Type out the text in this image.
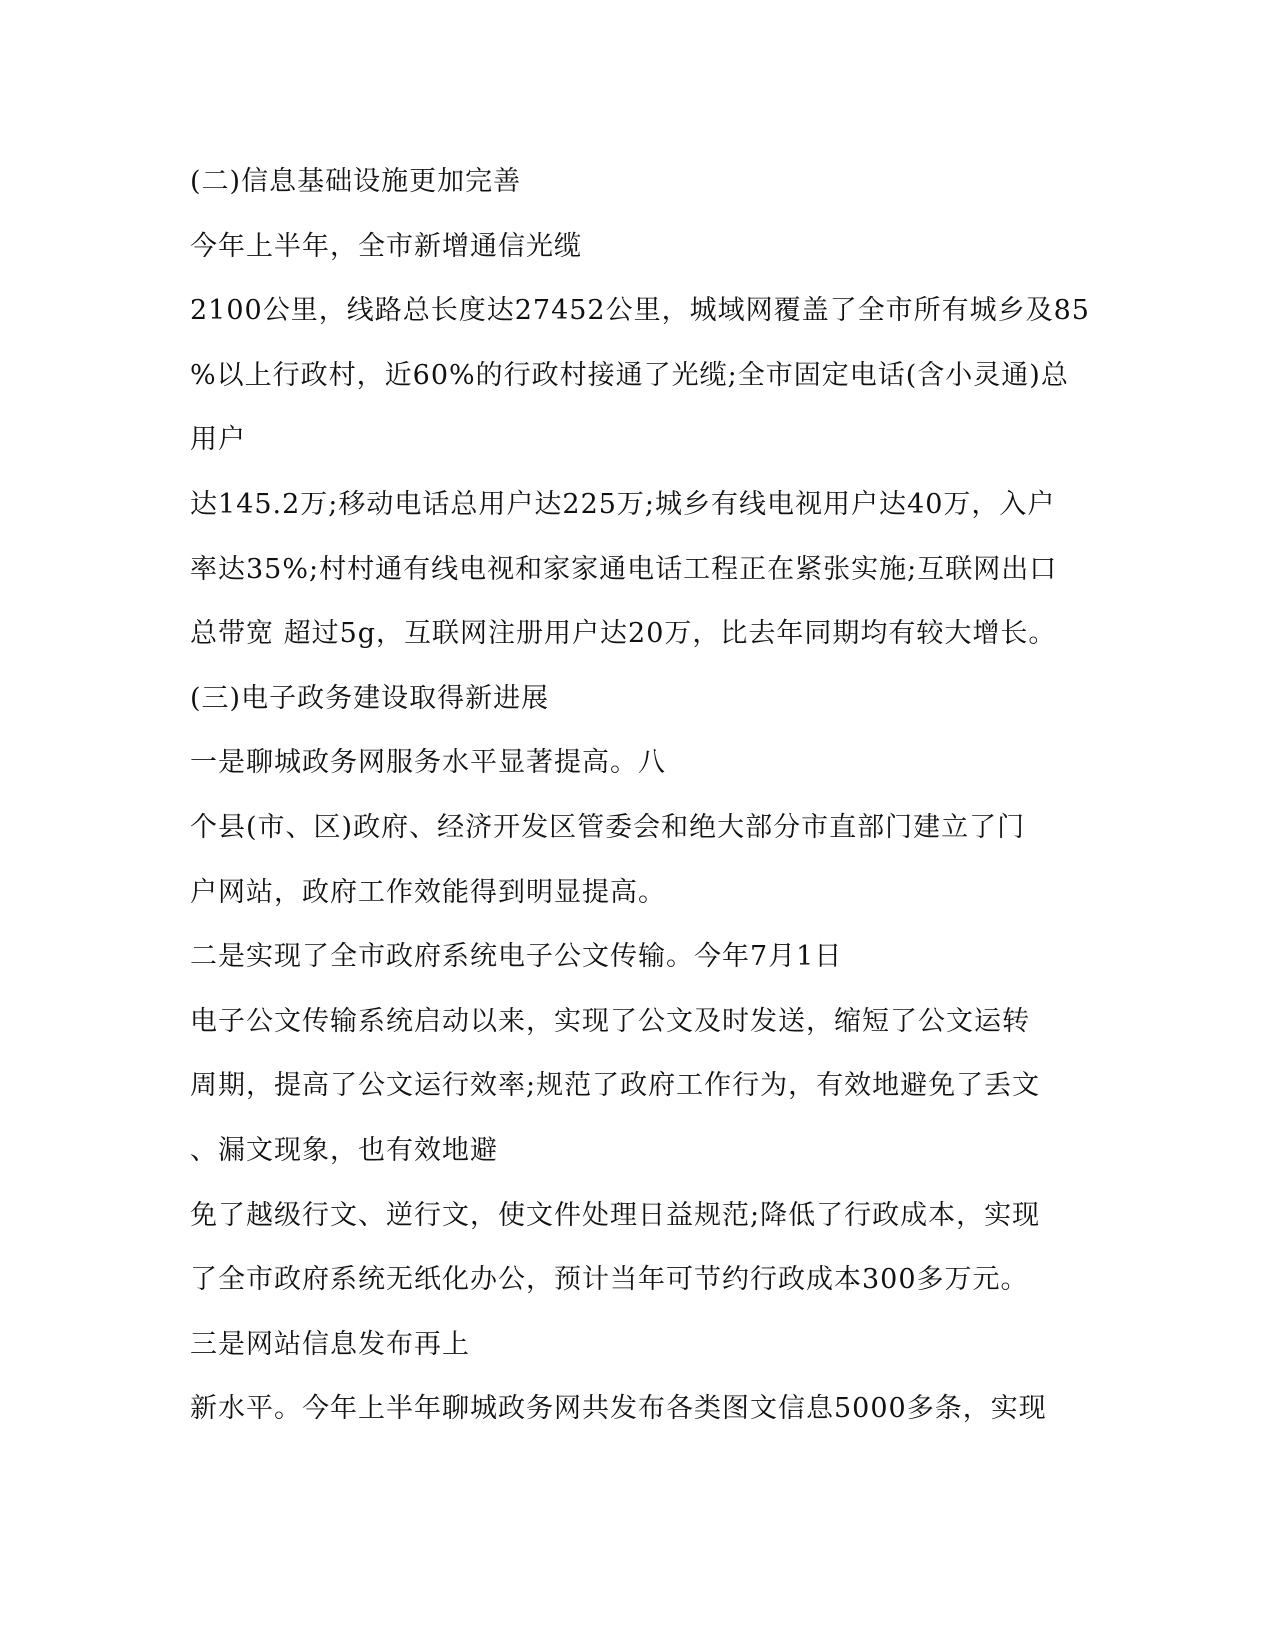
(二)信息基础设施更加完善
今年上半年，全市新增通信光缆
2100公里，线路总长度达27452公里，城域网覆盖了全市所有城乡及85
%以上行政村，近60%的行政村接通了光缆;全市固定电话(含小灵通)总
用户
达145.2万;移动电话总用户达225万;城乡有线电视用户达40万，入户
率达35%;村村通有线电视和家家通电话工程正在紧张实施;互联网出口
总带宽 超过5g，互联网注册用户达20万，比去年同期均有较大增长。
(三)电子政务建设取得新进展
一是聊城政务网服务水平显著提高。八
个县(市、区)政府、经济开发区管委会和绝大部分市直部门建立了门
户网站，政府工作效能得到明显提高。
二是实现了全市政府系统电子公文传输。今年7月1日
电子公文传输系统启动以来，实现了公文及时发送，缩短了公文运转
周期，提高了公文运行效率;规范了政府工作行为，有效地避免了丢文
、漏文现象，也有效地避
免了越级行文、逆行文，使文件处理日益规范;降低了行政成本，实现
了全市政府系统无纸化办公，预计当年可节约行政成本300多万元。
三是网站信息发布再上
新水平。今年上半年聊城政务网共发布各类图文信息5000多条，实现
